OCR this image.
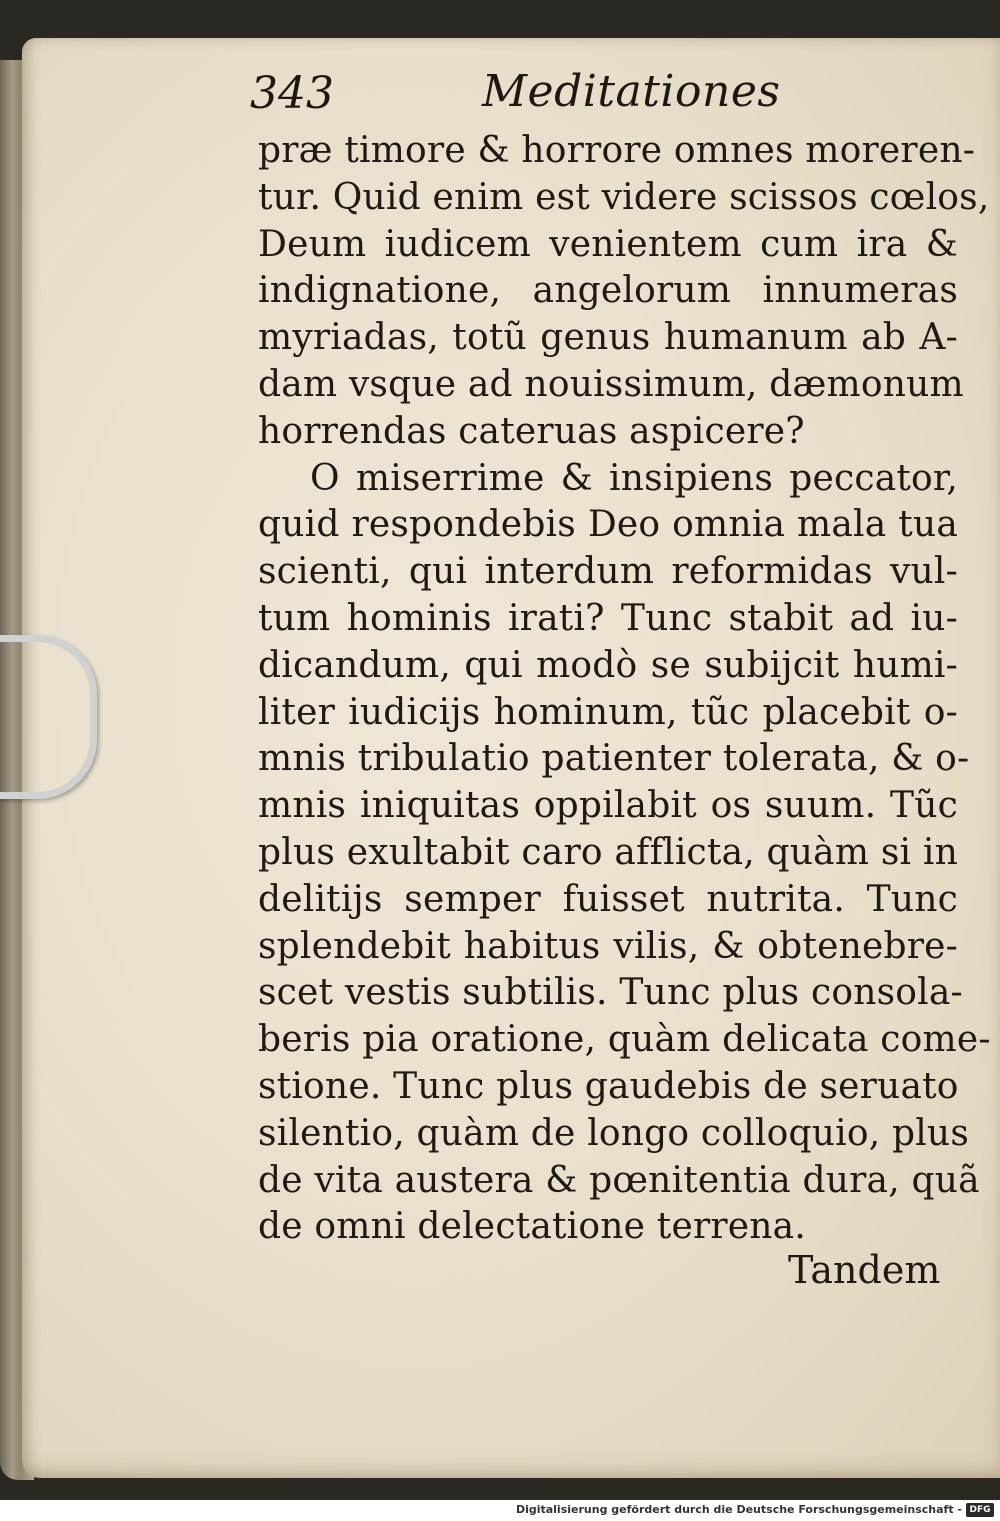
343	Meditationes
præ timore & horrore omnes moreren-
tur. Quid enim est videre scissos cœlos,
Deum iudicem venientem cum ira &
indignatione, angelorum innumeras
myriadas, totũ genus humanum ab A-
dam vsque ad nouissimum, dæmonum
horrendas cateruas aspicere?
O miserrime & insipiens peccator,
quid respondebis Deo omnia mala tua
scienti, qui interdum reformidas vul-
tum hominis irati? Tunc stabit ad iu-
dicandum, qui modò se subijcit humi-
liter iudicijs hominum, tũc placebit o-
mnis tribulatio patienter tolerata, & o-
mnis iniquitas oppilabit os suum. Tũc
plus exultabit caro afflicta, quàm si in
delitijs semper fuisset nutrita. Tunc
splendebit habitus vilis, & obtenebre-
scet vestis subtilis. Tunc plus consola-
beris pia oratione, quàm delicata come-
stione. Tunc plus gaudebis de seruato
silentio, quàm de longo colloquio, plus
de vita austera & pœnitentia dura, quã
de omni delectatione terrena.
Tandem
Digitalisierung gefördert durch die Deutsche Forschungsgemeinschaft - DFG
